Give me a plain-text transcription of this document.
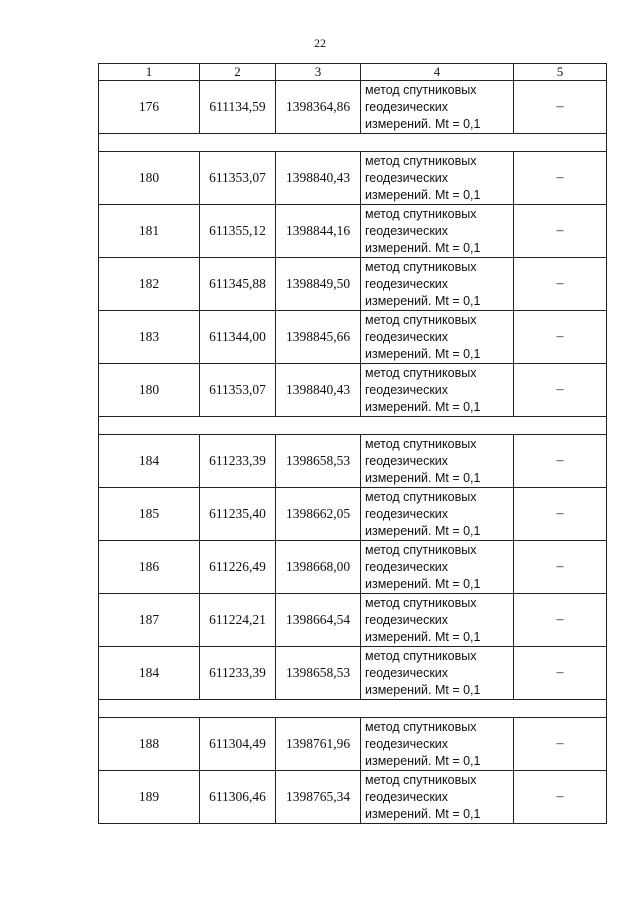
22
1	2	3	4	5
176	611134,59	1398364,86	метод спутниковых
геодезических
измерений. Mt = 0,1	–

180	611353,07	1398840,43	метод спутниковых
геодезических
измерений. Mt = 0,1	–
181	611355,12	1398844,16	метод спутниковых
геодезических
измерений. Mt = 0,1	–
182	611345,88	1398849,50	метод спутниковых
геодезических
измерений. Mt = 0,1	–
183	611344,00	1398845,66	метод спутниковых
геодезических
измерений. Mt = 0,1	–
180	611353,07	1398840,43	метод спутниковых
геодезических
измерений. Mt = 0,1	–

184	611233,39	1398658,53	метод спутниковых
геодезических
измерений. Mt = 0,1	–
185	611235,40	1398662,05	метод спутниковых
геодезических
измерений. Mt = 0,1	–
186	611226,49	1398668,00	метод спутниковых
геодезических
измерений. Mt = 0,1	–
187	611224,21	1398664,54	метод спутниковых
геодезических
измерений. Mt = 0,1	–
184	611233,39	1398658,53	метод спутниковых
геодезических
измерений. Mt = 0,1	–

188	611304,49	1398761,96	метод спутниковых
геодезических
измерений. Mt = 0,1	–
189	611306,46	1398765,34	метод спутниковых
геодезических
измерений. Mt = 0,1	–
